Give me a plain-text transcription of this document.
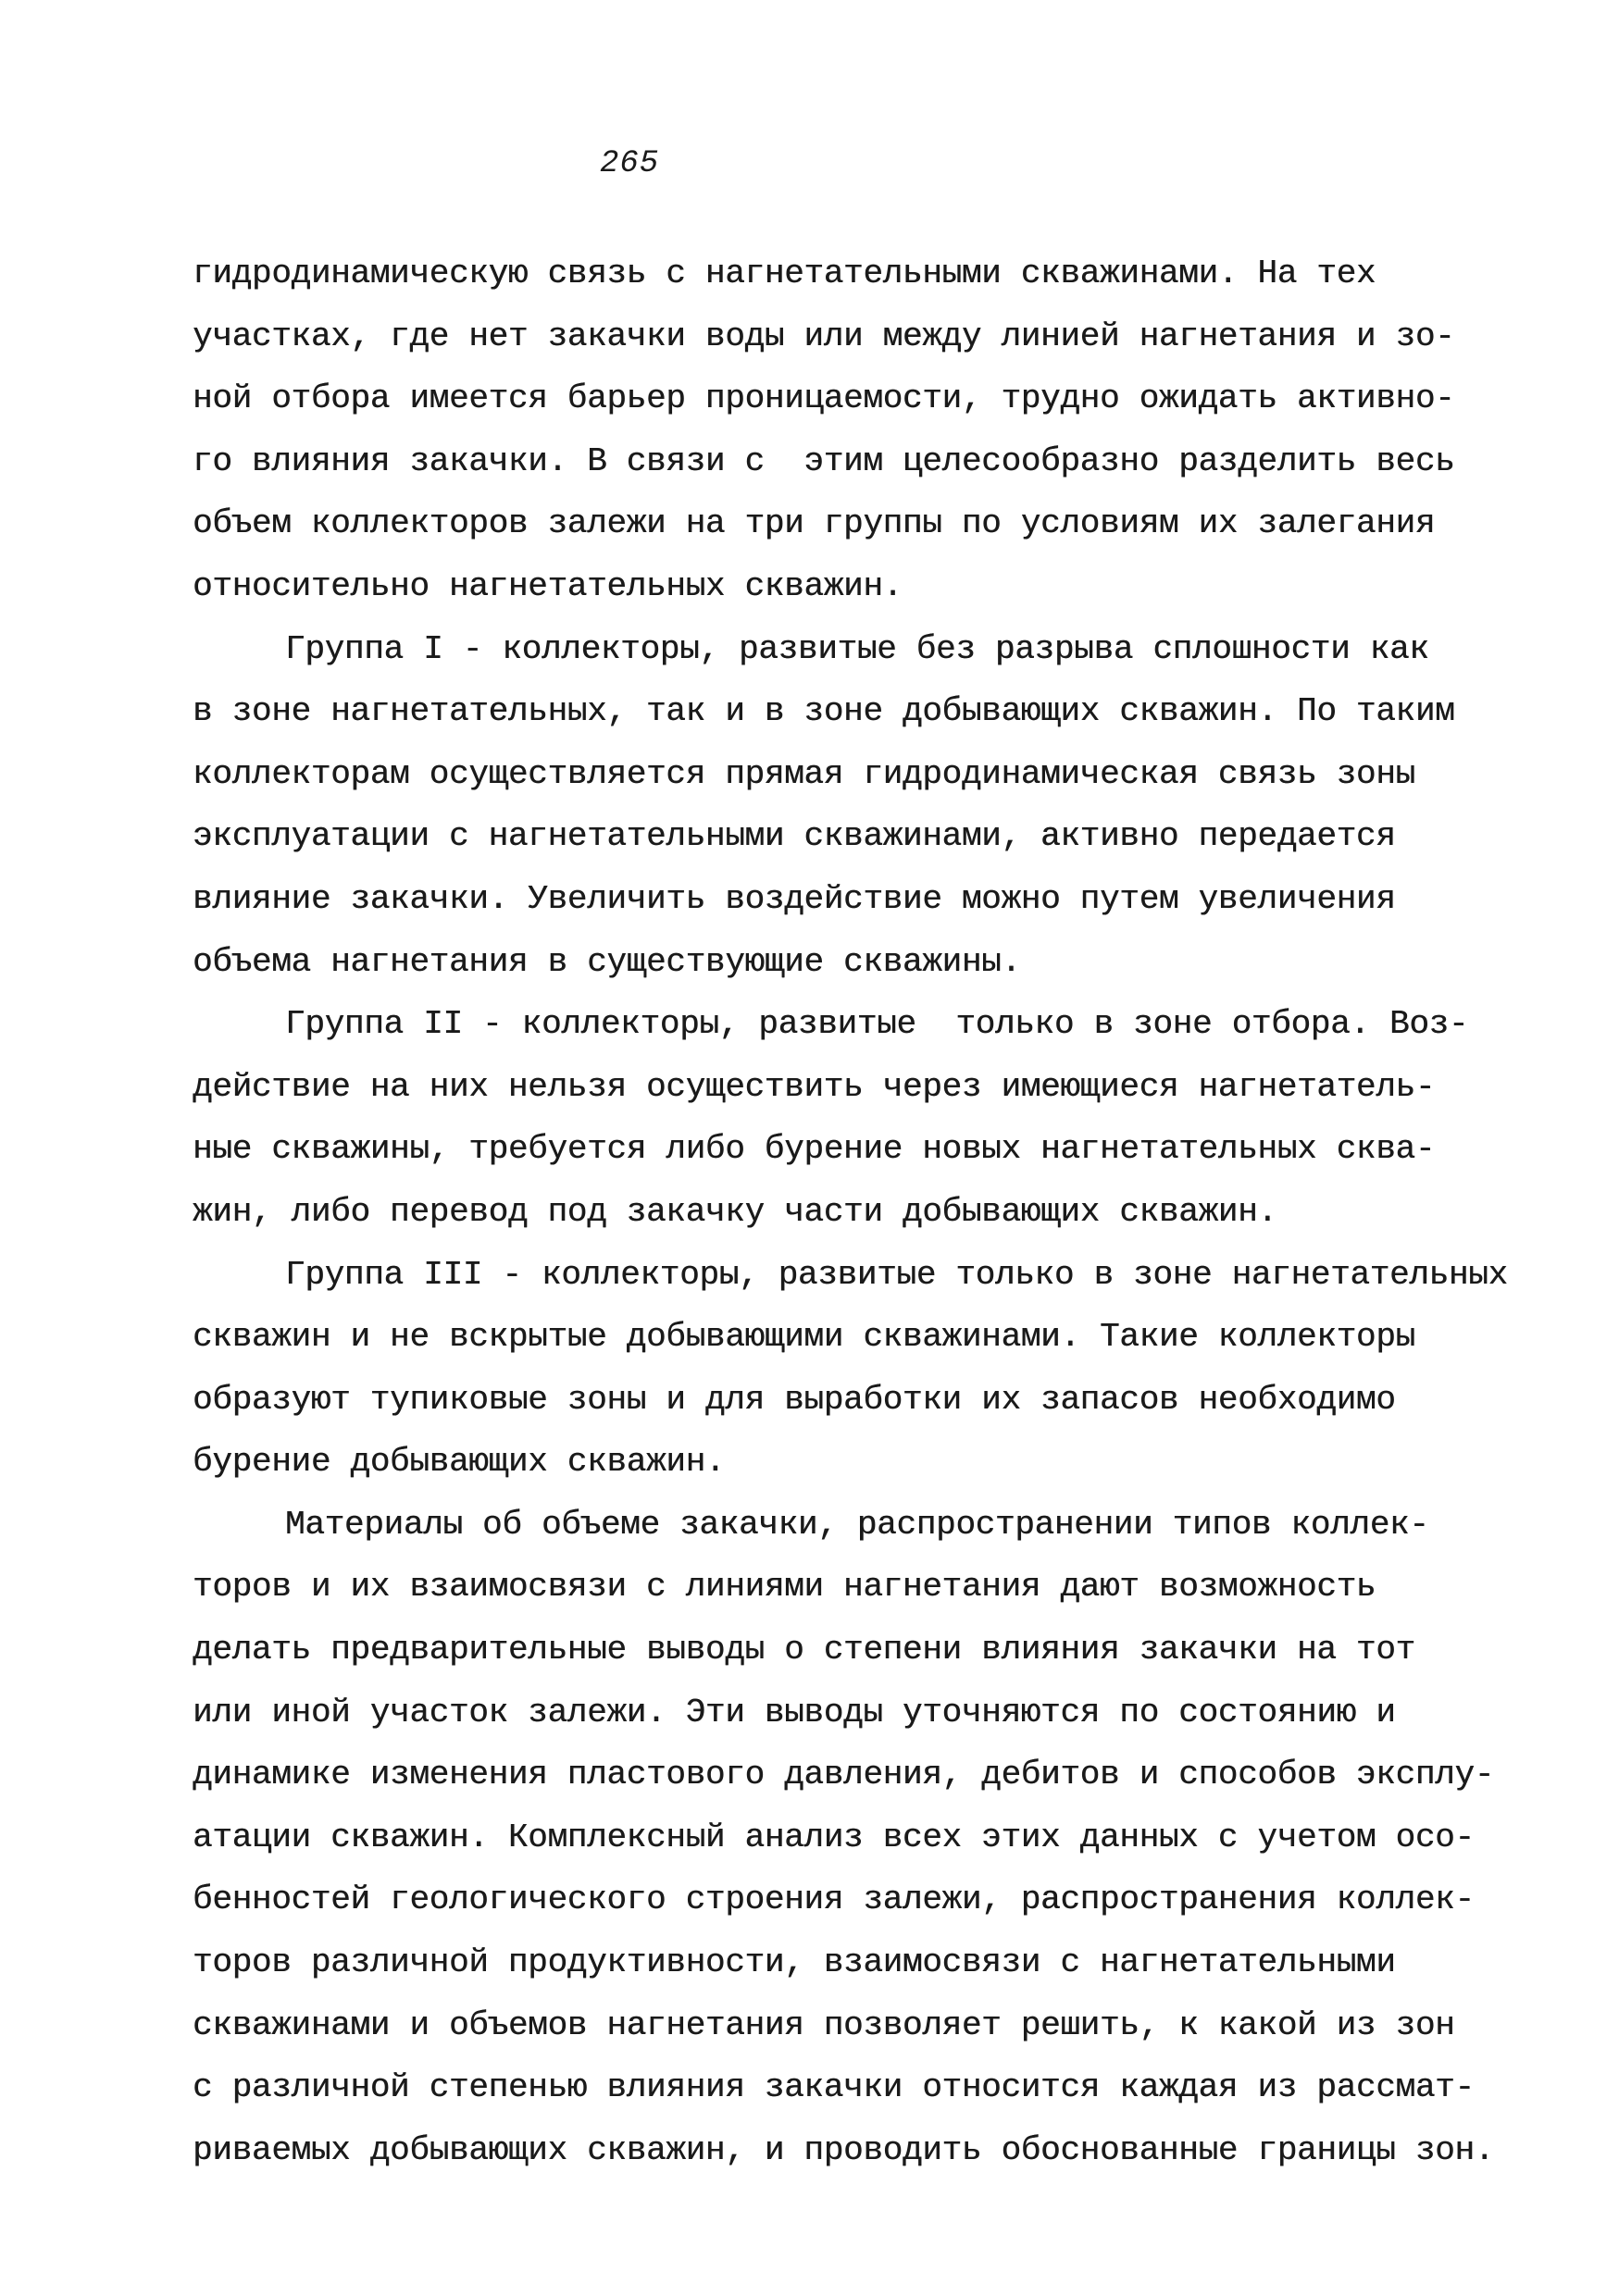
265
гидродинамическую связь с нагнетательными скважинами. На тех
участках, где нет закачки воды или между линией нагнетания и зо-
ной отбора имеется барьер проницаемости, трудно ожидать активно-
го влияния закачки. В связи с  этим целесообразно разделить весь
объем коллекторов залежи на три группы по условиям их залегания
относительно нагнетательных скважин.
Группа I - коллекторы, развитые без разрыва сплошности как
в зоне нагнетательных, так и в зоне добывающих скважин. По таким
коллекторам осуществляется прямая гидродинамическая связь зоны
эксплуатации с нагнетательными скважинами, активно передается
влияние закачки. Увеличить воздействие можно путем увеличения
объема нагнетания в существующие скважины.
Группа II - коллекторы, развитые  только в зоне отбора. Воз-
действие на них нельзя осуществить через имеющиеся нагнетатель-
ные скважины, требуется либо бурение новых нагнетательных сква-
жин, либо перевод под закачку части добывающих скважин.
Группа III - коллекторы, развитые только в зоне нагнетательных
скважин и не вскрытые добывающими скважинами. Такие коллекторы
образуют тупиковые зоны и для выработки их запасов необходимо
бурение добывающих скважин.
Материалы об объеме закачки, распространении типов коллек-
торов и их взаимосвязи с линиями нагнетания дают возможность
делать предварительные выводы о степени влияния закачки на тот
или иной участок залежи. Эти выводы уточняются по состоянию и
динамике изменения пластового давления, дебитов и способов эксплу-
атации скважин. Комплексный анализ всех этих данных с учетом осо-
бенностей геологического строения залежи, распространения коллек-
торов различной продуктивности, взаимосвязи с нагнетательными
скважинами и объемов нагнетания позволяет решить, к какой из зон
с различной степенью влияния закачки относится каждая из рассмат-
риваемых добывающих скважин, и проводить обоснованные границы зон.
